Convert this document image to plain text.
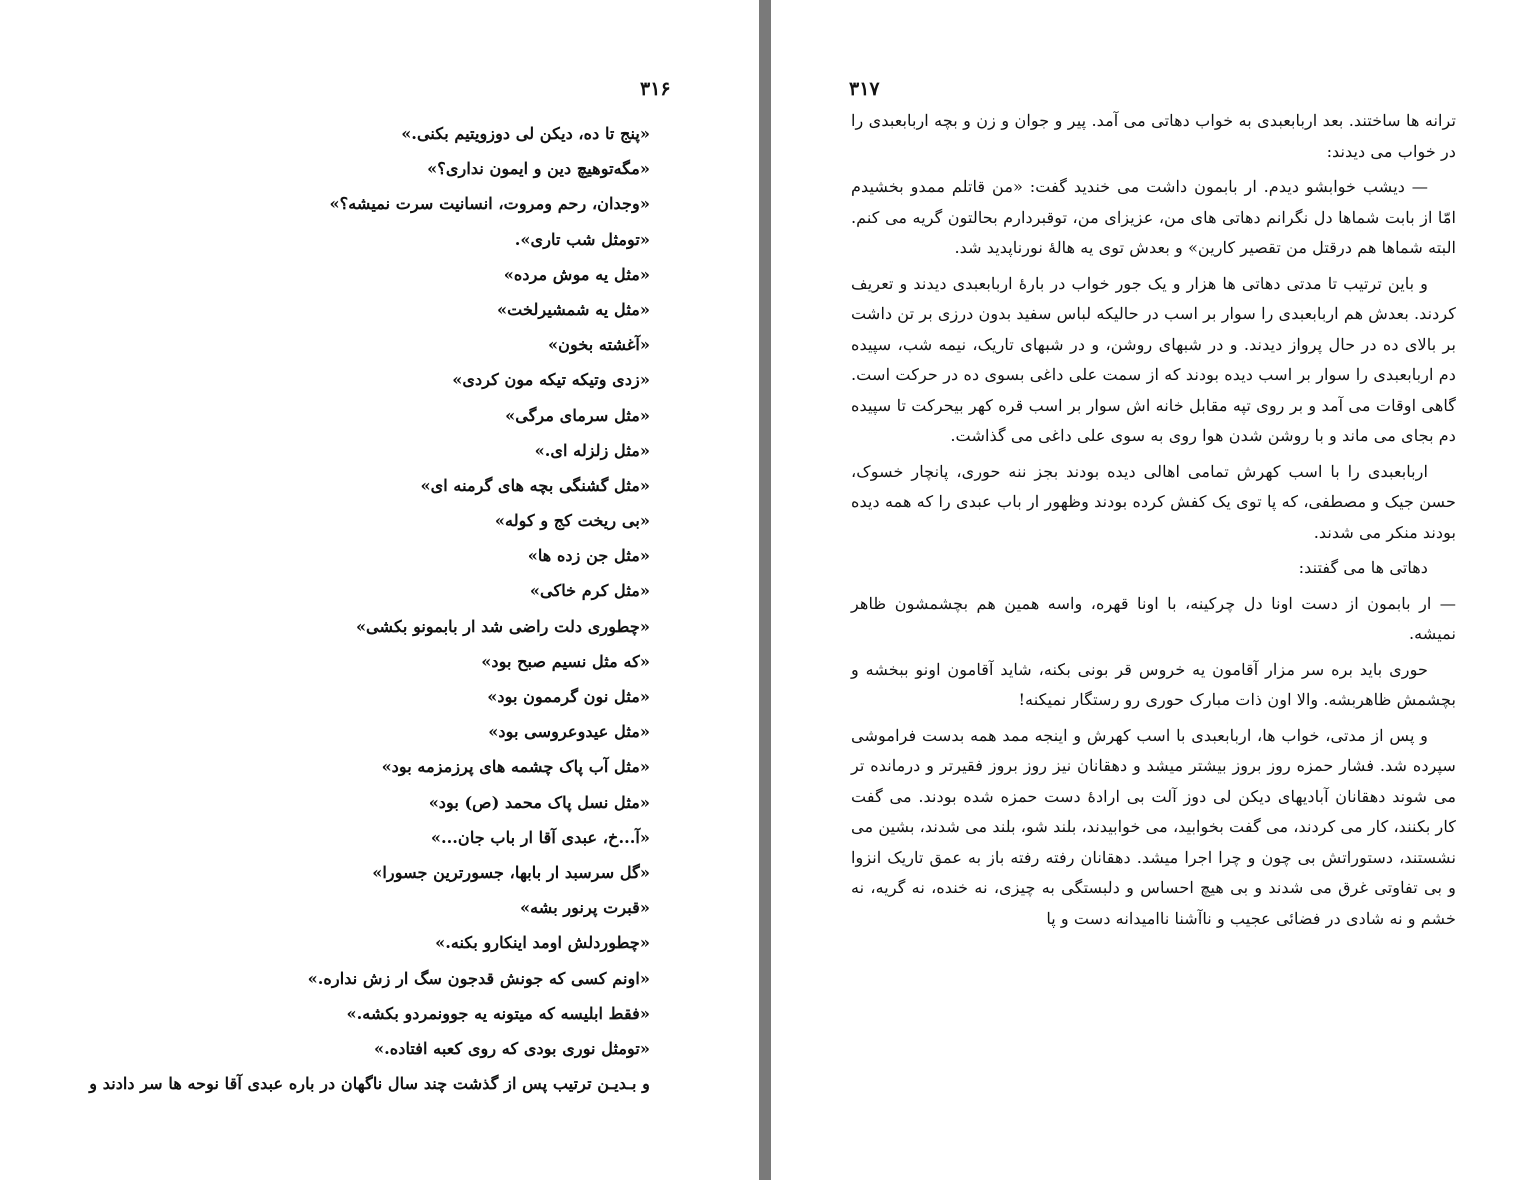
۳۱۶
«پنج تا ده، دیکن لی دوزویتیم بکنی.»
«مگه‌توهیچ دین و ایمون نداری؟»
«وجدان، رحم ومروت، انسانیت سرت نمیشه؟»
«تومثل شب تاری».
«مثل یه موش مرده»
«مثل یه شمشیرلخت»
«آغشته بخون»
«زدی وتیکه تیکه مون کردی»
«مثل سرمای مرگی»
«مثل زلزله ای.»
«مثل گشنگی بچه های گرمنه ای»
«بی ریخت کج و کوله»
«مثل جن زده ها»
«مثل کرم خاکی»
«چطوری دلت راضی شد ار بابمونو بکشی»
«که مثل نسیم صبح بود»
«مثل نون گرممون بود»
«مثل عیدوعروسی بود»
«مثل آب پاک چشمه های پرزمزمه بود»
«مثل نسل پاک محمد (ص) بود»
«آ...خ، عبدی آقا ار باب جان...»
«گل سرسبد ار بابها، جسورترین جسورا»
«قبرت پرنور بشه»
«چطوردلش اومد اینکارو بکنه.»
«اونم کسی که جونش قدجون سگ ار زش نداره.»
«فقط ابلیسه که میتونه یه جوونمردو بکشه.»
«تومثل نوری بودی که روی کعبه افتاده.»
و بـدیـن ترتیب پس از گذشت چند سال ناگهان در باره عبدی آقا نوحه ها سر دادند و
۳۱۷

ترانه ها ساختند. بعد اربابعبدی به خواب دهاتی می آمد. پیر و جوان و زن و بچه اربابعبدی را در خواب می دیدند:

— دیشب خوابشو دیدم. ار بابمون داشت می خندید گفت: «من قاتلم ممدو بخشیدم امّا از بابت شماها دل نگرانم دهاتی های من، عزیزای من، توقبردارم بحالتون گریه می کنم. البته شماها هم درقتل من تقصیر کارین» و بعدش توی یه هالهٔ نورناپدید شد.

و باین ترتیب تا مدتی دهاتی ها هزار و یک جور خواب در بارهٔ اربابعبدی دیدند و تعریف کردند. بعدش هم اربابعبدی را سوار بر اسب در حالیکه لباس سفید بدون درزی بر تن داشت بر بالای ده در حال پرواز دیدند. و در شبهای روشن، و در شبهای تاریک، نیمه شب، سپیده دم اربابعبدی را سوار بر اسب دیده بودند که از سمت علی داغی بسوی ده در حرکت است. گاهی اوقات می آمد و بر روی تپه مقابل خانه اش سوار بر اسب قره کهر بیحرکت تا سپیده دم بجای می ماند و با روشن شدن هوا روی به سوی علی داغی می گذاشت.

اربابعبدی را با اسب کهرش تمامی اهالی دیده بودند بجز ننه حوری، پانچار خسوک، حسن جیک و مصطفی، که پا توی یک کفش کرده بودند وظهور ار باب عبدی را که همه دیده بودند منکر می شدند.

دهاتی ها می گفتند:

— ار بابمون از دست اونا دل چرکینه، با اونا قهره، واسه همین هم بچشمشون ظاهر نمیشه.

حوری باید بره سر مزار آقامون یه خروس قر بونی بکنه، شاید آقامون اونو ببخشه و بچشمش ظاهربشه. والا اون ذات مبارک حوری رو رستگار نمیکنه!

و پس از مدتی، خواب ها، اربابعبدی با اسب کهرش و اینجه ممد همه بدست فراموشی سپرده شد. فشار حمزه روز بروز بیشتر میشد و دهقانان نیز روز بروز فقیرتر و درمانده تر می شوند دهقانان آبادیهای دیکن لی دوز آلت بی ارادهٔ دست حمزه شده بودند. می گفت کار بکنند، کار می کردند، می گفت بخوابید، می خوابیدند، بلند شو، بلند می شدند، بشین می نشستند، دستوراتش بی چون و چرا اجرا میشد. دهقانان رفته رفته باز به عمق تاریک انزوا و بی تفاوتی غرق می شدند و بی هیچ احساس و دلبستگی به چیزی، نه خنده، نه گریه، نه خشم و نه شادی در فضائی عجیب و ناآشنا ناامیدانه دست و پا
